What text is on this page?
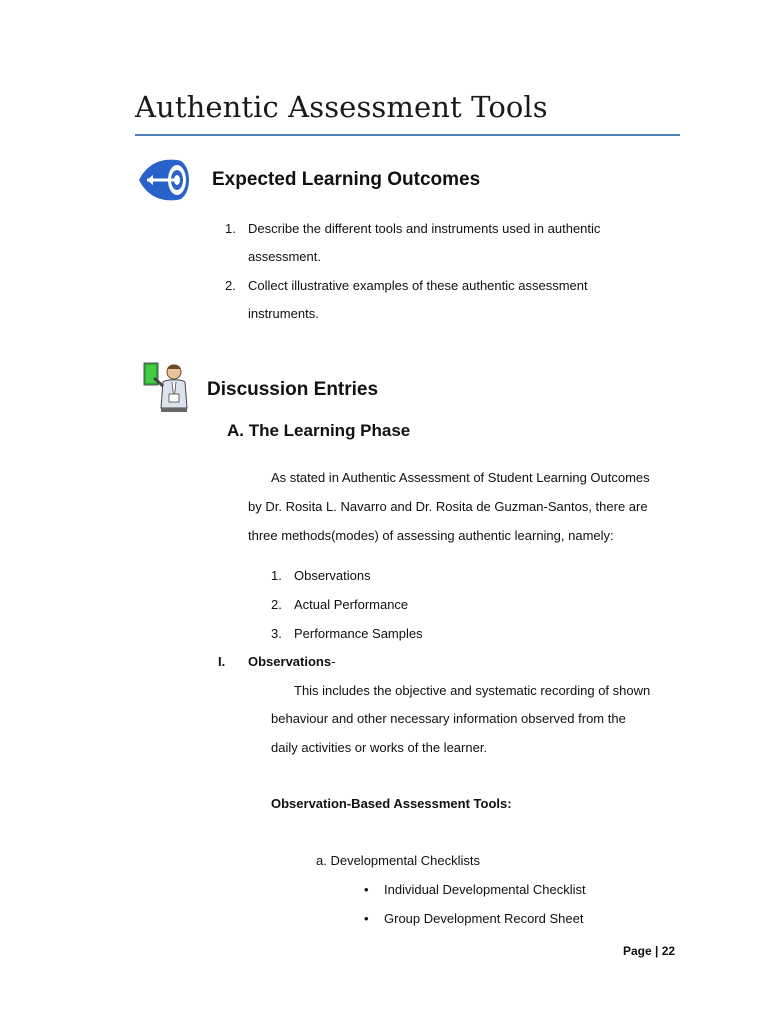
Authentic Assessment Tools
Expected Learning Outcomes
1. Describe the different tools and instruments used in authentic
assessment.
2. Collect illustrative examples of these authentic assessment
instruments.
Discussion Entries
A. The Learning Phase
As stated in Authentic Assessment of Student Learning Outcomes
by Dr. Rosita L. Navarro and Dr. Rosita de Guzman-Santos, there are
three methods(modes) of assessing authentic learning, namely:
1. Observations
2. Actual Performance
3. Performance Samples
I. Observations-
This includes the objective and systematic recording of shown
behaviour and other necessary information observed from the
daily activities or works of the learner.
Observation-Based Assessment Tools:
a. Developmental Checklists
• Individual Developmental Checklist
• Group Development Record Sheet
Page | 22
